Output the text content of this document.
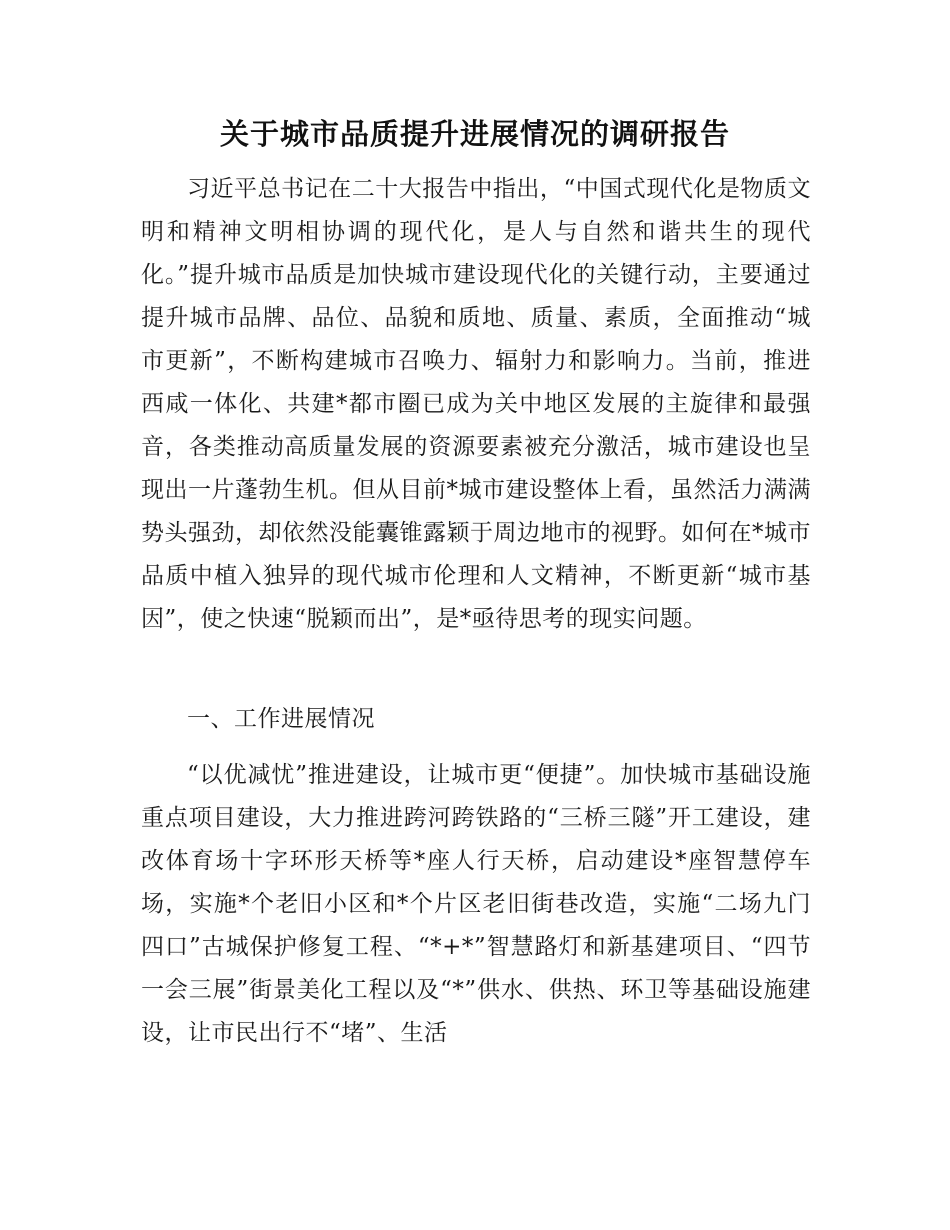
关于城市品质提升进展情况的调研报告

习近平总书记在二十大报告中指出，“中国式现代化是物质文明和精神文明相协调的现代化，是人与自然和谐共生的现代化。”提升城市品质是加快城市建设现代化的关键行动，主要通过提升城市品牌、品位、品貌和质地、质量、素质，全面推动“城市更新”，不断构建城市召唤力、辐射力和影响力。当前，推进西咸一体化、共建*都市圈已成为关中地区发展的主旋律和最强音，各类推动高质量发展的资源要素被充分激活，城市建设也呈现出一片蓬勃生机。但从目前*城市建设整体上看，虽然活力满满势头强劲，却依然没能囊锥露颖于周边地市的视野。如何在*城市品质中植入独异的现代城市伦理和人文精神，不断更新“城市基因”，使之快速“脱颖而出”，是*亟待思考的现实问题。

一、工作进展情况

“以优减忧”推进建设，让城市更“便捷”。加快城市基础设施重点项目建设，大力推进跨河跨铁路的“三桥三隧”开工建设，建改体育场十字环形天桥等*座人行天桥，启动建设*座智慧停车场，实施*个老旧小区和*个片区老旧街巷改造，实施“二场九门四口”古城保护修复工程、“*+*”智慧路灯和新基建项目、“四节一会三展”街景美化工程以及“*”供水、供热、环卫等基础设施建设，让市民出行不“堵”、生活
